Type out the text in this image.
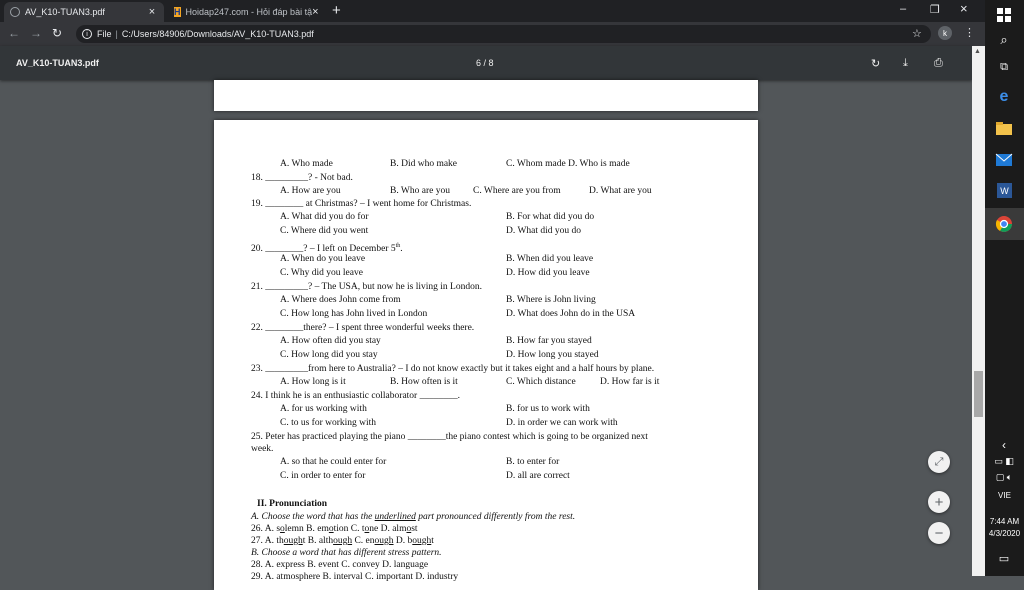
AV_K10-TUAN3.pdf	×	H Hoidap247.com - Hỏi đáp bài tậ × +	– ❐ ×
← → ↻	i	File | C:/Users/84906/Downloads/AV_K10-TUAN3.pdf	☆	k	⋮
AV_K10-TUAN3.pdf	6 / 8	↻ ⤓ ⎙
A. Who made	B. Did who make	C. Whom made D. Who is made
18. _________? - Not bad.
A. How are you	B. Who are you C. Where are you from	D. What are you
19. ________ at Christmas? – I went home for Christmas.
A. What did you do for	B. For what did you do
C. Where did you went	D. What did you do
20. ________? – I left on December 5th.
A. When do you leave	B. When did you leave
C. Why did you leave	D. How did you leave
21. _________? – The USA, but now he is living in London.
A. Where does John come from	B. Where is John living
C. How long has John lived in London	D. What does John do in the USA
22. ________there? – I spent three wonderful weeks there.
A. How often did you stay	B. How far you stayed
C. How long did you stay	D. How long you stayed
23. _________from here to Australia? – I do not know exactly but it takes eight and a half hours by plane.
A. How long is it	B. How often is it	C. Which distance	D. How far is it
24. I think he is an enthusiastic collaborator ________.
A. for us working with	B. for us to work with
C. to us for working with	D. in order we can work with
25. Peter has practiced playing the piano ________the piano contest which is going to be organized next
week.
A. so that he could enter for	B. to enter for
C. in order to enter for	D. all are correct
II. Pronunciation
A. Choose the word that has the underlined part pronounced differently from the rest.
26. A. solemn B. emotion C. tone D. almost
27. A. thought B. although C. enough D. bought
B. Choose a word that has different stress pattern.
28. A. express B. event C. convey D. language
29. A. atmosphere B. interval C. important D. industry
⤢
+
−
▲
⌕
⧉
e
W
‹
▭ ◧
▢ 🔈︎
VIE
7:44 AM
4/3/2020
▭
